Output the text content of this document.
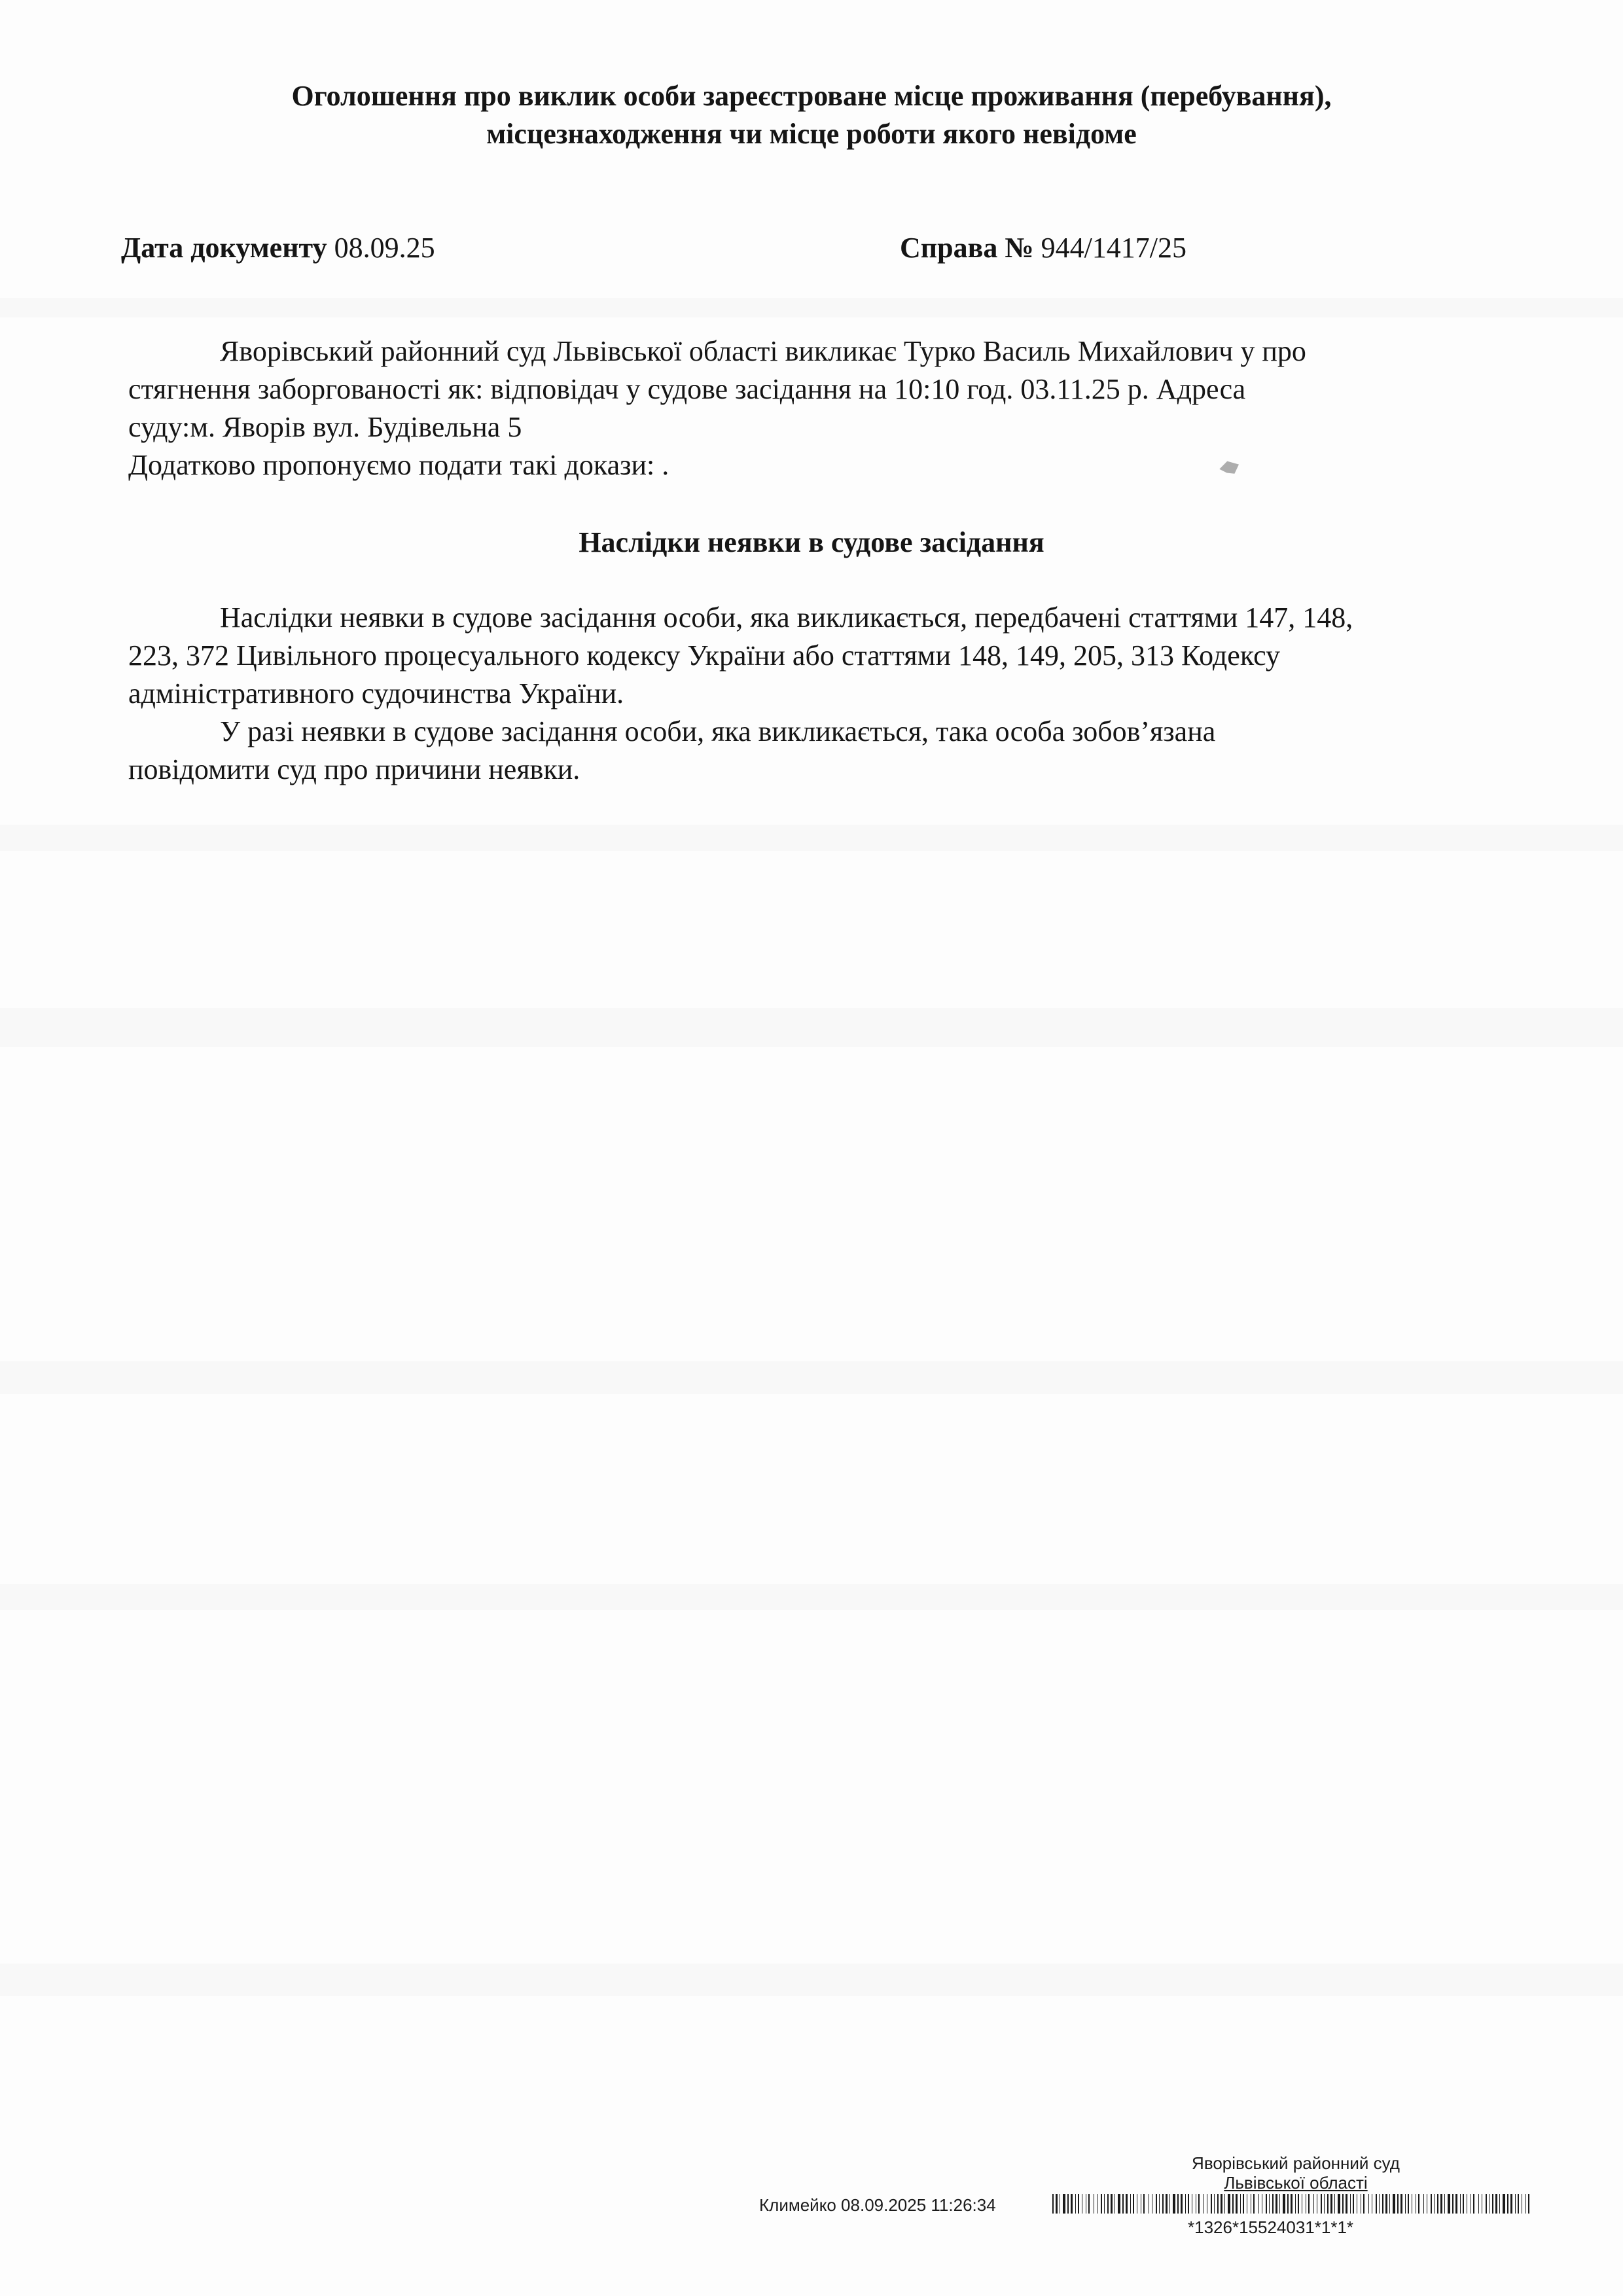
Оголошення про виклик особи зареєстроване місце проживання (перебування),
місцезнаходження чи місце роботи якого невідоме
Дата документу 08.09.25	Справа № 944/1417/25
Яворівський районний суд Львівської області викликає Турко Василь Михайлович у про
стягнення заборгованості як: відповідач у судове засідання на 10:10 год. 03.11.25 р. Адреса
суду:м. Яворів вул. Будівельна 5
Додатково пропонуємо подати такі докази: .
Наслідки неявки в судове засідання
Наслідки неявки в судове засідання особи, яка викликається, передбачені статтями 147, 148,
223, 372 Цивільного процесуального кодексу України або статтями 148, 149, 205, 313 Кодексу
адміністративного судочинства України.
У разі неявки в судове засідання особи, яка викликається, така особа зобов’язана
повідомити суд про причини неявки.
Яворівський районний суд
Львівської області
Климейко 08.09.2025 11:26:34
*1326*15524031*1*1*
